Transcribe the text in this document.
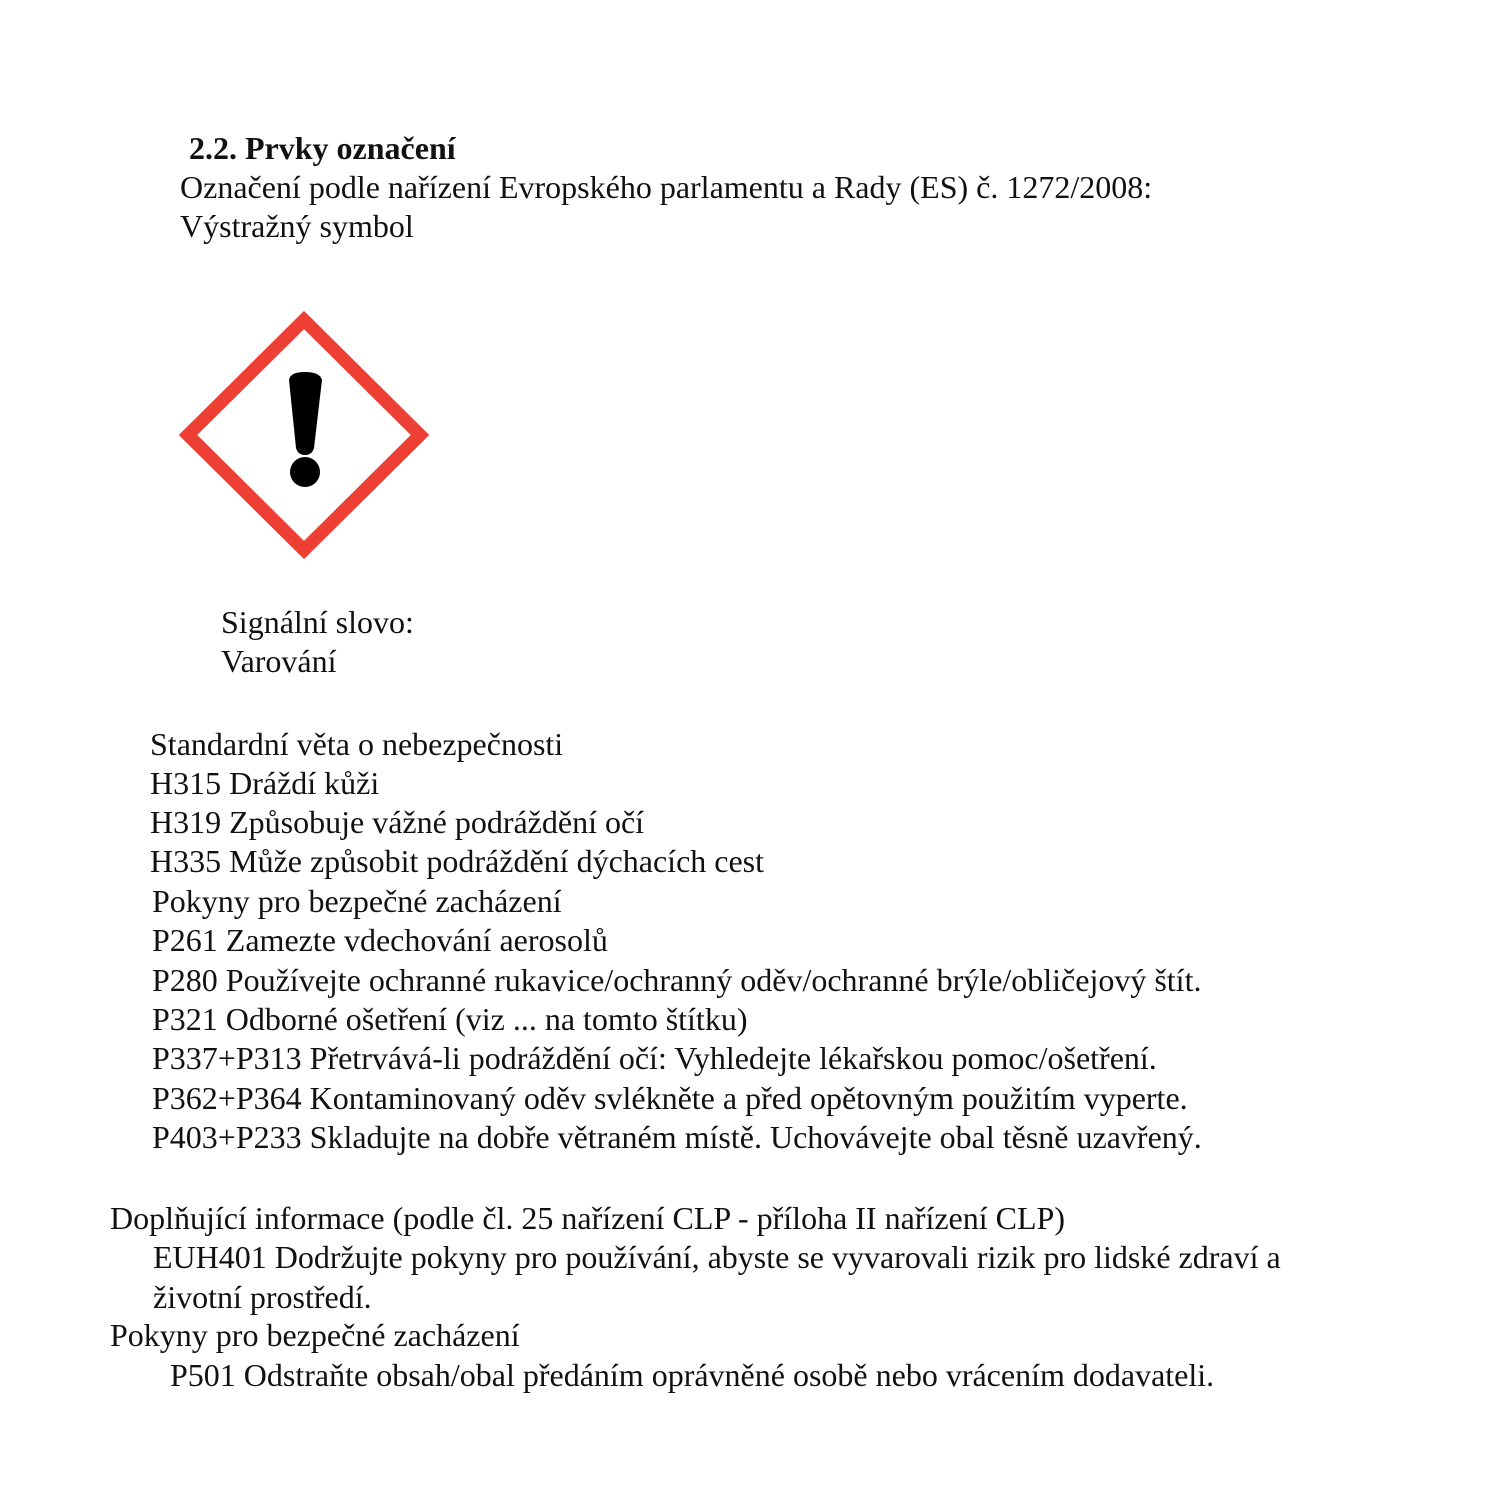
2.2. Prvky označení
Označení podle nařízení Evropského parlamentu a Rady (ES) č. 1272/2008:
Výstražný symbol
Signální slovo:
Varování
Standardní věta o nebezpečnosti
H315 Dráždí kůži
H319 Způsobuje vážné podráždění očí
H335 Může způsobit podráždění dýchacích cest
Pokyny pro bezpečné zacházení
P261 Zamezte vdechování aerosolů
P280 Používejte ochranné rukavice/ochranný oděv/ochranné brýle/obličejový štít.
P321 Odborné ošetření (viz ... na tomto štítku)
P337+P313 Přetrvává-li podráždění očí: Vyhledejte lékařskou pomoc/ošetření.
P362+P364 Kontaminovaný oděv svlékněte a před opětovným použitím vyperte.
P403+P233 Skladujte na dobře větraném místě. Uchovávejte obal těsně uzavřený.
Doplňující informace (podle čl. 25 nařízení CLP - příloha II nařízení CLP)
EUH401 Dodržujte pokyny pro používání, abyste se vyvarovali rizik pro lidské zdraví a
životní prostředí.
Pokyny pro bezpečné zacházení
P501 Odstraňte obsah/obal předáním oprávněné osobě nebo vrácením dodavateli.
